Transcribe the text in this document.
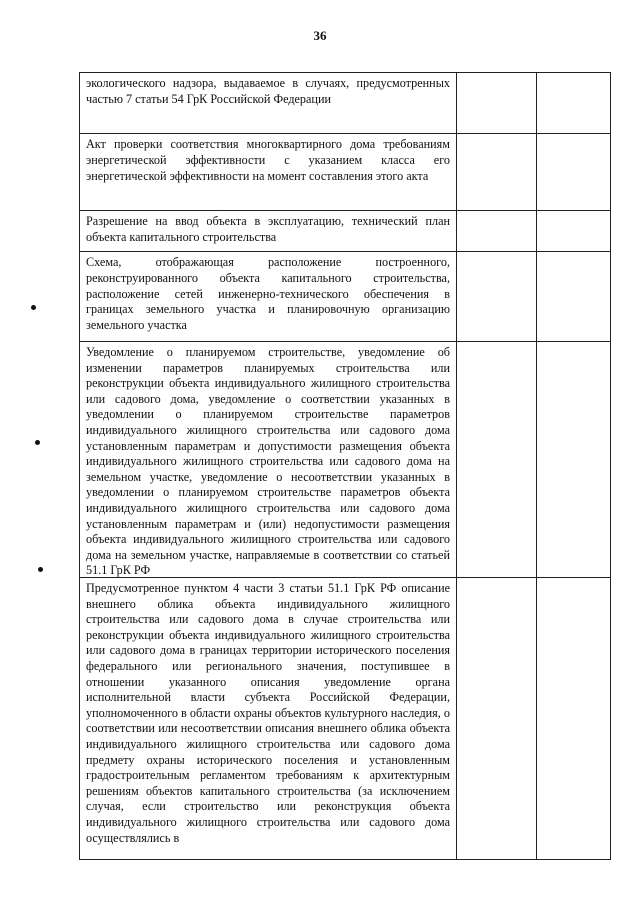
36
экологического надзора, выдаваемое в случаях, предусмотренных частью 7 статьи 54 ГрК Российской Федерации
Акт проверки соответствия многоквартирного дома требованиям энергетической эффективности с указанием класса его энергетической эффективности на момент составления этого акта
Разрешение на ввод объекта в эксплуатацию, технический план объекта капитального строительства
Схема, отображающая расположение построенного, реконструированного объекта капитального строительства, расположение сетей инженерно-технического обеспечения в границах земельного участка и планировочную организацию земельного участка
Уведомление о планируемом строительстве, уведомление об изменении параметров планируемых строительства или реконструкции объекта индивидуального жилищного строительства или садового дома, уведомление о соответствии указанных в уведомлении о планируемом строительстве параметров индивидуального жилищного строительства или садового дома установленным параметрам и допустимости размещения объекта индивидуального жилищного строительства или садового дома на земельном участке, уведомление о несоответствии указанных в уведомлении о планируемом строительстве параметров объекта индивидуального жилищного строительства или садового дома установленным параметрам и (или) недопустимости размещения объекта индивидуального жилищного строительства или садового дома на земельном участке, направляемые в соответствии со статьей 51.1 ГрК РФ
Предусмотренное пунктом 4 части 3 статьи 51.1 ГрК РФ описание внешнего облика объекта индивидуального жилищного строительства или садового дома в случае строительства или реконструкции объекта индивидуального жилищного строительства или садового дома в границах территории исторического поселения федерального или регионального значения, поступившее в отношении указанного описания уведомление органа исполнительной власти субъекта Российской Федерации, уполномоченного в области охраны объектов культурного наследия, о соответствии или несоответствии описания внешнего облика объекта индивидуального жилищного строительства или садового дома предмету охраны исторического поселения и установленным градостроительным регламентом требованиям к архитектурным решениям объектов капитального строительства (за исключением случая, если строительство или реконструкция объекта индивидуального жилищного строительства или садового дома осуществлялись в
